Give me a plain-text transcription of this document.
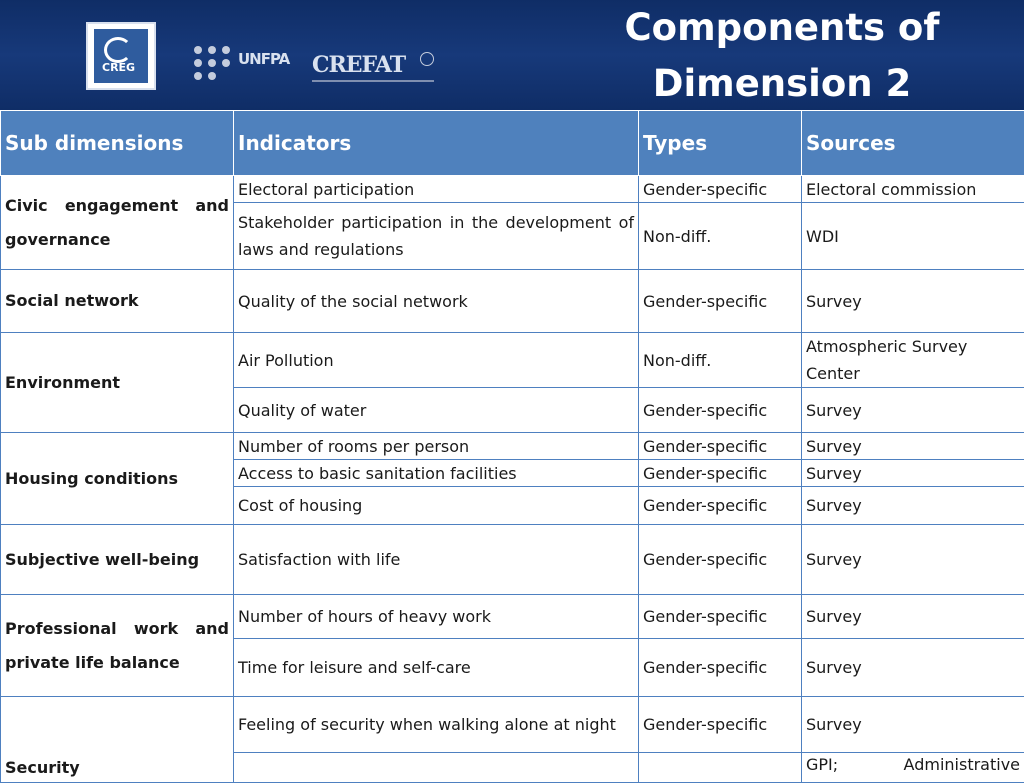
CREG	UNFPA CREFAT
Components of
Dimension 2
Sub dimensions	Indicators	Types	Sources
Civic engagement and governance	Electoral participation	Gender-specific	Electoral commission
	Stakeholder participation in the development of laws and regulations	Non-diff.	WDI
Social network	Quality of the social network	Gender-specific	Survey
Environment	Air Pollution	Non-diff.	Atmospheric Survey Center
	Quality of water	Gender-specific	Survey
Housing conditions	Number of rooms per person	Gender-specific	Survey
	Access to basic sanitation facilities	Gender-specific	Survey
	Cost of housing	Gender-specific	Survey
Subjective well-being	Satisfaction with life	Gender-specific	Survey
Professional work and private life balance	Number of hours of heavy work	Gender-specific	Survey
	Time for leisure and self-care	Gender-specific	Survey
Security	Feeling of security when walking alone at night	Gender-specific	Survey
			GPI; Administrative
